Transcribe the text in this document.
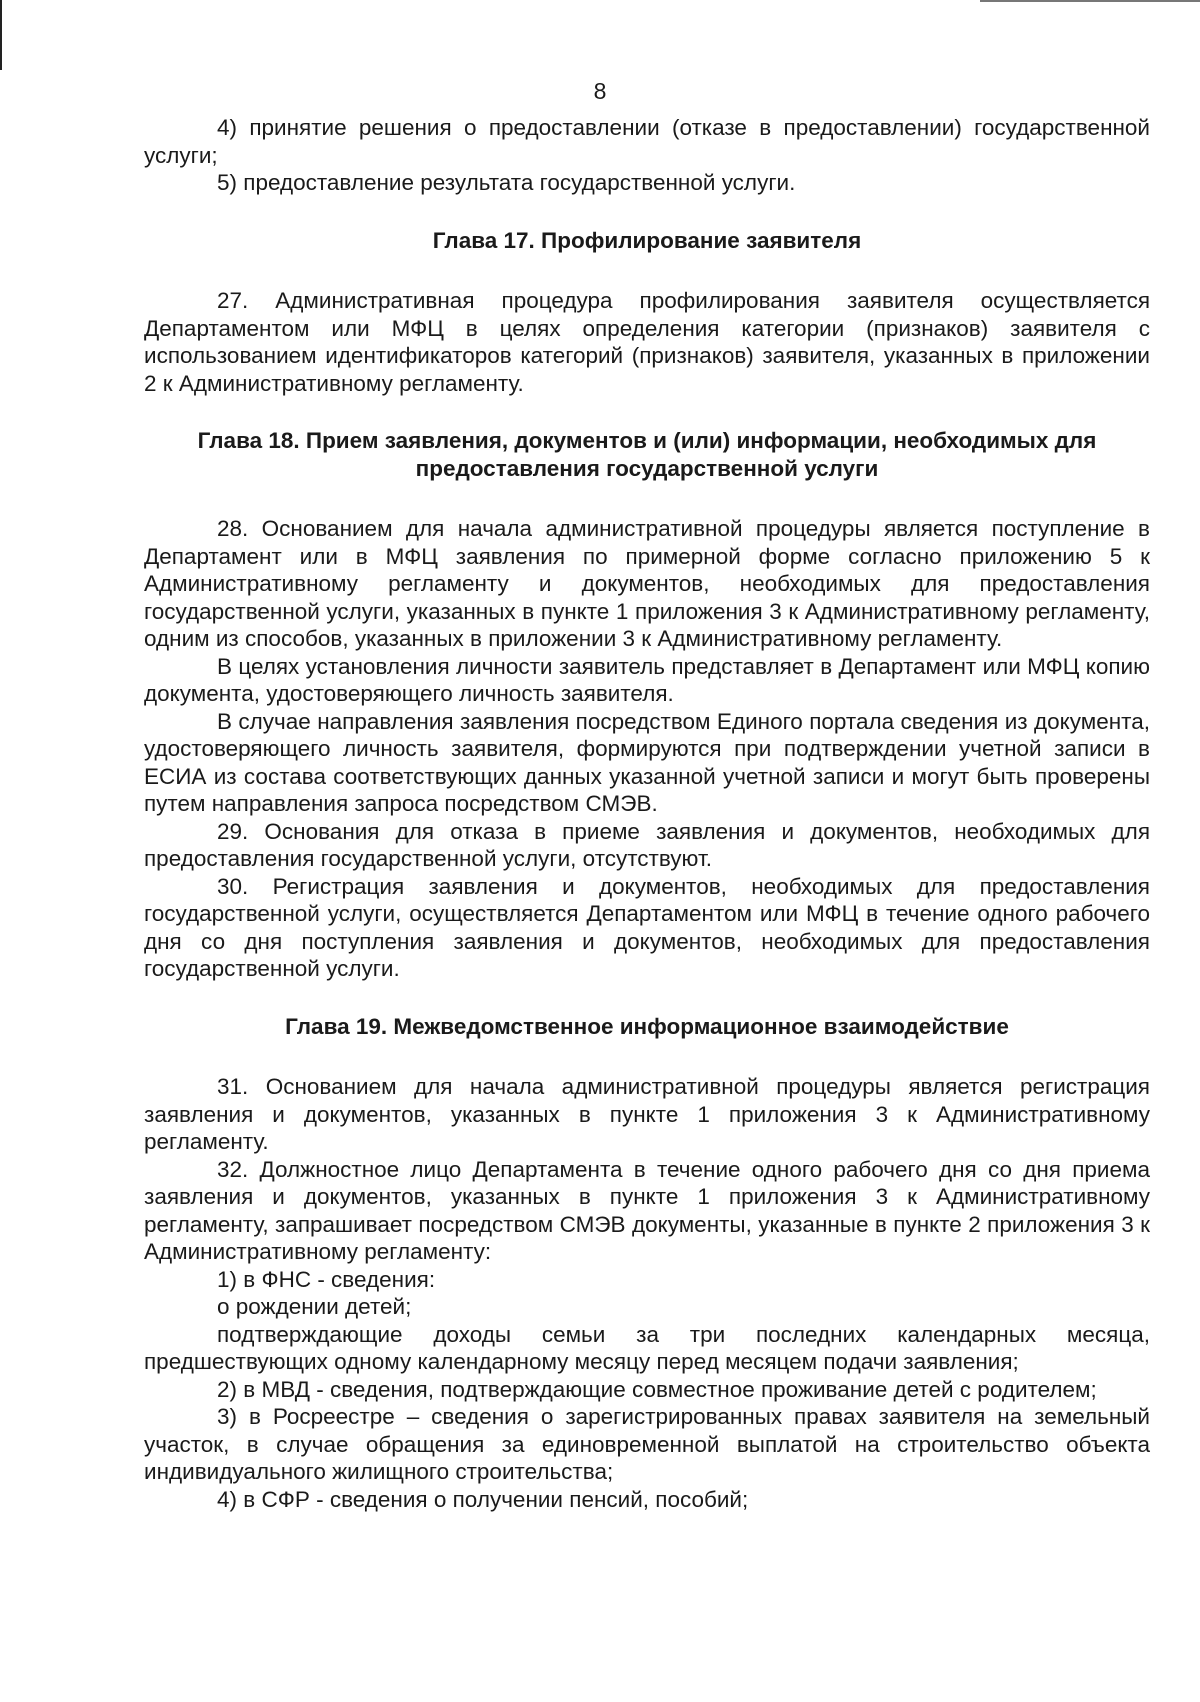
8

4) принятие решения о предоставлении (отказе в предоставлении) государственной услуги;

5) предоставление результата государственной услуги.

Глава 17. Профилирование заявителя

27. Административная процедура профилирования заявителя осуществляется Департаментом или МФЦ в целях определения категории (признаков) заявителя с использованием идентификаторов категорий (признаков) заявителя, указанных в приложении 2 к Административному регламенту.

Глава 18. Прием заявления, документов и (или) информации, необходимых для предоставления государственной услуги

28. Основанием для начала административной процедуры является поступление в Департамент или в МФЦ заявления по примерной форме согласно приложению 5 к Административному регламенту и документов, необходимых для предоставления государственной услуги, указанных в пункте 1 приложения 3 к Административному регламенту, одним из способов, указанных в приложении 3 к Административному регламенту.

В целях установления личности заявитель представляет в Департамент или МФЦ копию документа, удостоверяющего личность заявителя.

В случае направления заявления посредством Единого портала сведения из документа, удостоверяющего личность заявителя, формируются при подтверждении учетной записи в ЕСИА из состава соответствующих данных указанной учетной записи и могут быть проверены путем направления запроса посредством СМЭВ.

29. Основания для отказа в приеме заявления и документов, необходимых для предоставления государственной услуги, отсутствуют.

30. Регистрация заявления и документов, необходимых для предоставления государственной услуги, осуществляется Департаментом или МФЦ в течение одного рабочего дня со дня поступления заявления и документов, необходимых для предоставления государственной услуги.

Глава 19. Межведомственное информационное взаимодействие

31. Основанием для начала административной процедуры является регистрация заявления и документов, указанных в пункте 1 приложения 3 к Административному регламенту.

32. Должностное лицо Департамента в течение одного рабочего дня со дня приема заявления и документов, указанных в пункте 1 приложения 3 к Административному регламенту, запрашивает посредством СМЭВ документы, указанные в пункте 2 приложения 3 к Административному регламенту:

1) в ФНС - сведения:

о рождении детей;

подтверждающие доходы семьи за три последних календарных месяца, предшествующих одному календарному месяцу перед месяцем подачи заявления;

2) в МВД - сведения, подтверждающие совместное проживание детей с родителем;

3) в Росреестре – сведения о зарегистрированных правах заявителя на земельный участок, в случае обращения за единовременной выплатой на строительство объекта индивидуального жилищного строительства;

4) в СФР - сведения о получении пенсий, пособий;
